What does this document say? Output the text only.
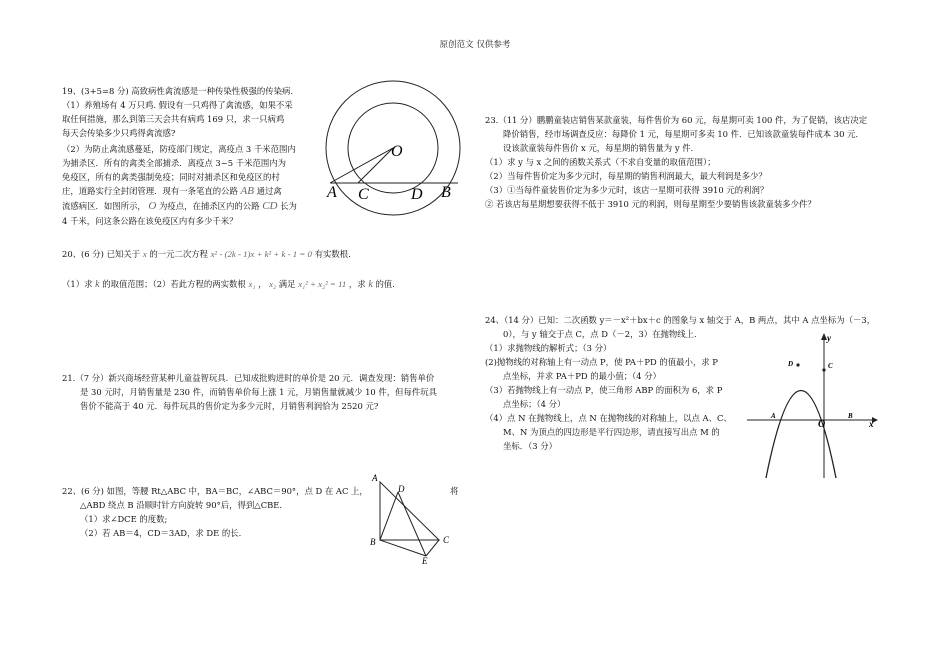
原创范文 仅供参考
19、(3+5=8 分) 高致病性禽流感是一种传染性极强的传染病.
（1）养殖场有 4 万只鸡. 假设有一只鸡得了禽流感，如果不采
取任何措施，那么到第三天会共有病鸡 169 只，求一只病鸡
每天会传染多少只鸡得禽流感?
（2）为防止禽流感蔓延，防疫部门规定，离疫点 3 千米范围内
为捕杀区．所有的禽类全部捕杀．离疫点 3~5 千米范围内为
免疫区，所有的禽类强制免疫；同时对捕杀区和免疫区的村
庄，道路实行全封闭管理．现有一条笔直的公路 AB 通过禽
流感病区．如图所示， O 为疫点，在捕杀区内的公路 CD 长为
4 千米，问这条公路在该免疫区内有多少千米？
O
A C	D B
20、(6 分) 已知关于 x 的一元二次方程 x² - (2k - 1)x + k² + k - 1 = 0 有实数根.
（1）求 k 的取值范围；（2）若此方程的两实数根 x₁ ， x₂ 满足 x₁² + x₂² = 11 ，求 k 的值.
21.（7 分）新兴商场经营某种儿童益智玩具．已知成批购进时的单价是 20 元．调查发现：销售单价
是 30 元时，月销售量是 230 件，而销售单价每上涨 1 元，月销售量就减少 10 件，但每件玩具
售价不能高于 40 元．每件玩具的售价定为多少元时，月销售利润恰为 2520 元?
22、(6 分) 如图，等腰 Rt△ABC 中，BA＝BC，∠ABC＝90°，点 D 在 AC 上，	将
△ABD 绕点 B 沿顺时针方向旋转 90°后，得到△CBE.
（1）求∠DCE 的度数;
（2）若 AB＝4，CD＝3AD，求 DE 的长.
A
D
B	C
E
23.（11 分）鹏鹏童装店销售某款童装，每件售价为 60 元，每星期可卖 100 件，为了促销，该店决定
降价销售，经市场调查反应：每降价 1 元，每星期可多卖 10 件．已知该款童装每件成本 30 元．
设该款童装每件售价 x 元，每星期的销售量为 y 件．
（1）求 y 与 x 之间的函数关系式（不求自变量的取值范围）；
（2）当每件售价定为多少元时，每星期的销售利润最大，最大利润是多少？
（3）①当每件童装售价定为多少元时，该店一星期可获得 3910 元的利润？
② 若该店每星期想要获得不低于 3910 元的利润，则每星期至少要销售该款童装多少件？
24、（14 分）已知：二次函数 y＝－x²＋bx＋c 的图象与 x 轴交于 A，B 两点，其中 A 点坐标为（－3，
0），与 y 轴交于点 C，点 D（－2，3）在抛物线上.
（1）求抛物线的解析式；（3 分）
(2)抛物线的对称轴上有一动点 P，使 PA＋PD 的值最小，求 P
点坐标，并求 PA＋PD 的最小值；（4 分）
（3）若抛物线上有一动点 P，使三角形 ABP 的面积为 6，求 P
点坐标；（4 分）
（4）点 N 在抛物线上，点 N 在抛物线的对称轴上，以点 A、C、
M、N 为顶点的四边形是平行四边形，请直接写出点 M 的
坐标．（3 分）
y
D	C
A
O
B
x
